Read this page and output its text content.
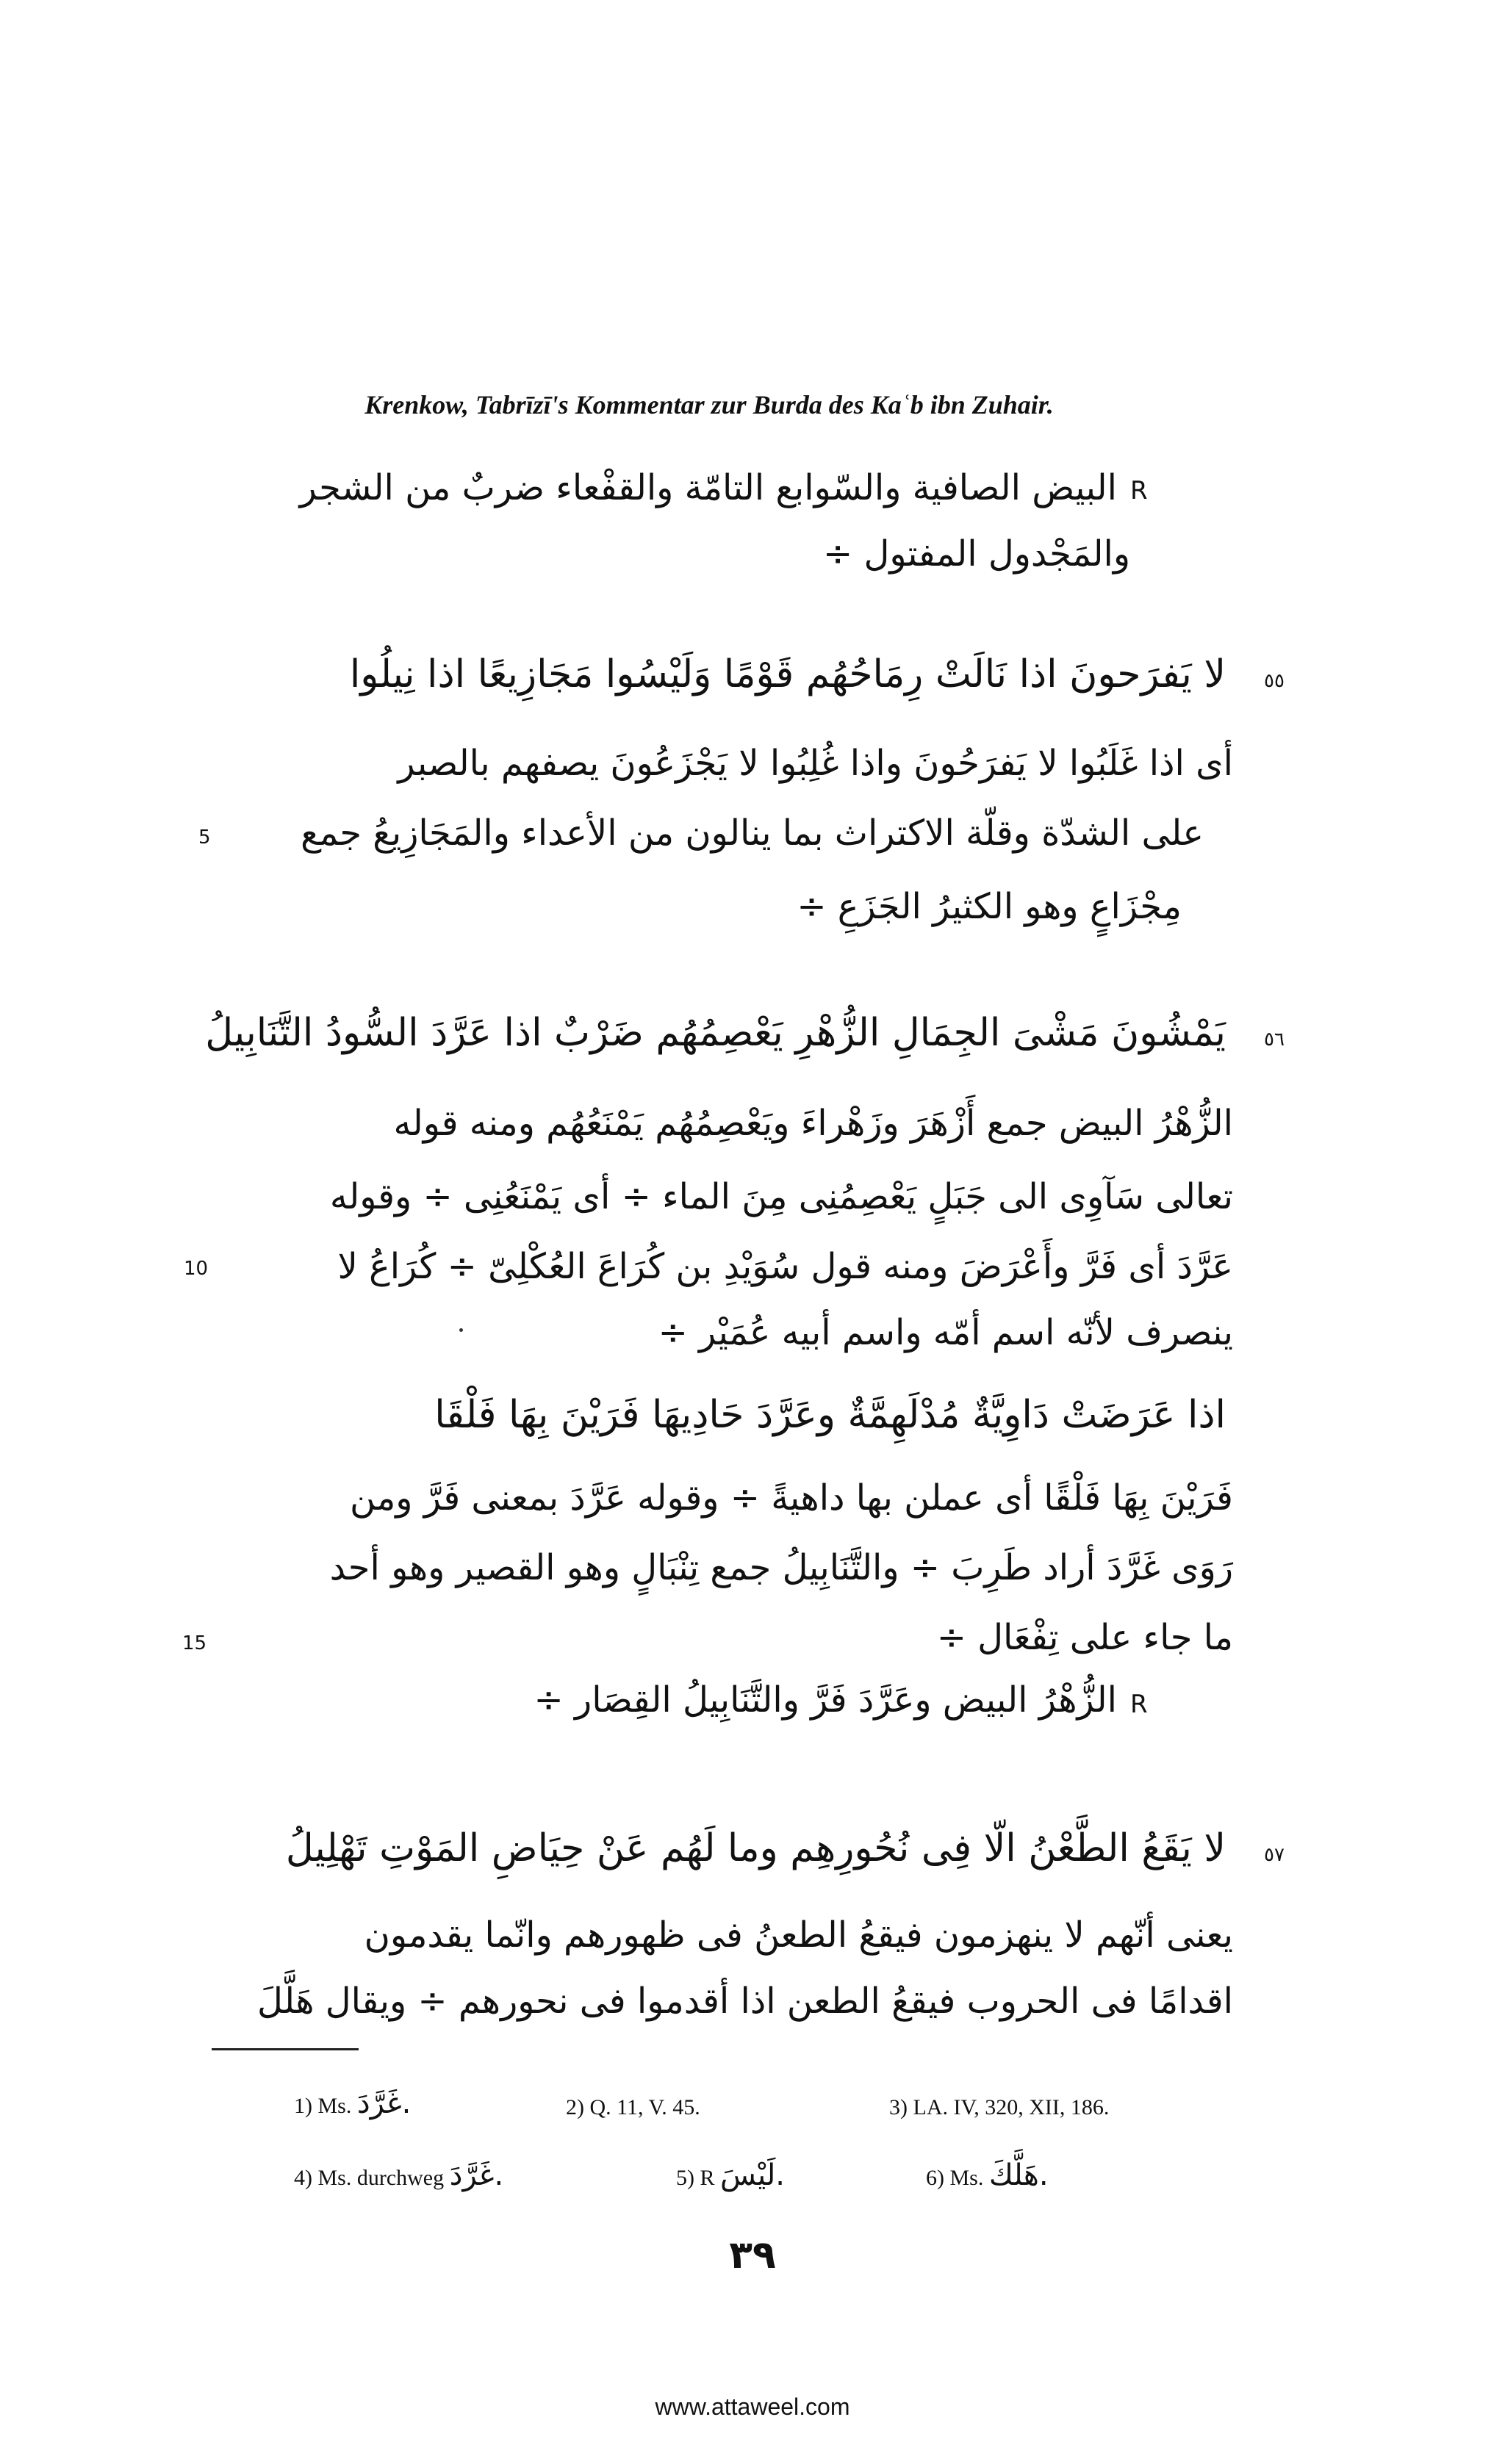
Krenkow, Tabrīzī's Kommentar zur Burda des Kaʿb ibn Zuhair.
R
البيض الصافية والسّوابع التامّة والقفْعاء ضربٌ من الشجر
والمَجْدول المفتول ÷
٥٥
لا يَفرَحونَ اذا نَالَتْ رِمَاحُهُم قَوْمًا وَلَيْسُوا مَجَازِيعًا اذا نِيلُوا
أى اذا غَلَبُوا لا يَفرَحُونَ واذا غُلِبُوا لا يَجْزَعُونَ يصفهم بالصبر
على الشدّة وقلّة الاكتراث بما ينالون من الأعداء والمَجَازِيعُ جمع
5
مِجْزَاعٍ وهو الكثيرُ الجَزَعِ ÷
٥٦
يَمْشُونَ مَشْىَ الجِمَالِ الزُّهْرِ يَعْصِمُهُم ضَرْبٌ اذا عَرَّدَ السُّودُ التَّنَابِيلُ
الزُّهْرُ البيض جمع أَزْهَرَ وزَهْراءَ ويَعْصِمُهُم يَمْنَعُهُم ومنه قوله
تعالى سَآوِى الى جَبَلٍ يَعْصِمُنِى مِنَ الماء ÷ أى يَمْنَعُنِى ÷ وقوله
عَرَّدَ أى فَرَّ وأَعْرَضَ ومنه قول سُوَيْدِ بن كُرَاعَ العُكْلِىّ ÷ كُرَاعُ لا
10
ينصرف لأنّه اسم أمّه واسم أبيه عُمَيْر ÷
اذا عَرَضَتْ دَاوِيَّةٌ مُدْلَهِمَّةٌ وعَرَّدَ حَادِيهَا فَرَيْنَ بِهَا فَلْقَا
فَرَيْنَ بِهَا فَلْقًا أى عملن بها داهيةً ÷ وقوله عَرَّدَ بمعنى فَرَّ ومن
رَوَى غَرَّدَ أراد طَرِبَ ÷ والتَّنَابِيلُ جمع تِنْبَالٍ وهو القصير وهو أحد
ما جاء على تِفْعَال ÷
15
R
الزُّهْرُ البيض وعَرَّدَ فَرَّ والتَّنَابِيلُ القِصَار ÷
٥٧
لا يَقَعُ الطَّعْنُ الّا فِى نُحُورِهِم وما لَهُم عَنْ حِيَاضِ المَوْتِ تَهْلِيلُ
يعنى أنّهم لا ينهزمون فيقعُ الطعنُ فى ظهورهم وانّما يقدمون
اقدامًا فى الحروب فيقعُ الطعن اذا أقدموا فى نحورهم ÷ ويقال هَلَّلَ
1) Ms. غَرَّدَ.	2) Q. 11, V. 45.	3) LA. IV, 320, XII, 186.
4) Ms. durchweg غَرَّدَ.	5) R لَيْسَ.	6) Ms. هَلَّكَ.
٣٩
www.attaweel.com
